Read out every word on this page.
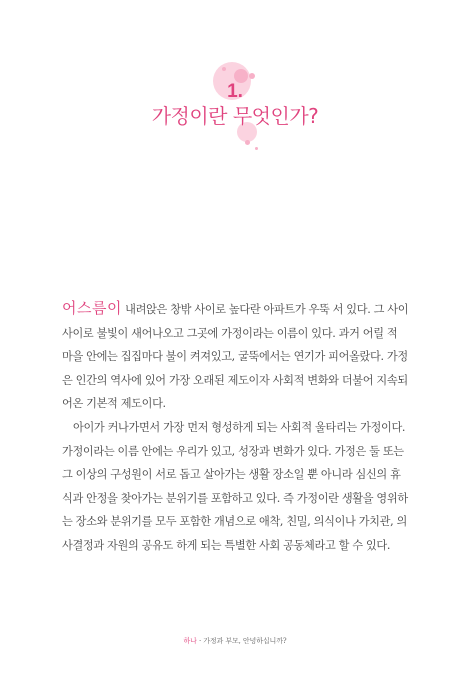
1.
가정이란 무엇인가?

어스름이 내려앉은 창밖 사이로 높다란 아파트가 우뚝 서 있다. 그 사이
사이로 불빛이 새어나오고 그곳에 가정이라는 이름이 있다. 과거 어릴 적
마을 안에는 집집마다 불이 켜져있고, 굴뚝에서는 연기가 피어올랐다. 가정
은 인간의 역사에 있어 가장 오래된 제도이자 사회적 변화와 더불어 지속되
어온 기본적 제도이다.

아이가 커나가면서 가장 먼저 형성하게 되는 사회적 울타리는 가정이다.
가정이라는 이름 안에는 우리가 있고, 성장과 변화가 있다. 가정은 둘 또는
그 이상의 구성원이 서로 돕고 살아가는 생활 장소일 뿐 아니라 심신의 휴
식과 안정을 찾아가는 분위기를 포함하고 있다. 즉 가정이란 생활을 영위하
는 장소와 분위기를 모두 포함한 개념으로 애착, 친밀, 의식이나 가치관, 의
사결정과 자원의 공유도 하게 되는 특별한 사회 공동체라고 할 수 있다.

하나 · 가정과 부모, 안녕하십니까?
